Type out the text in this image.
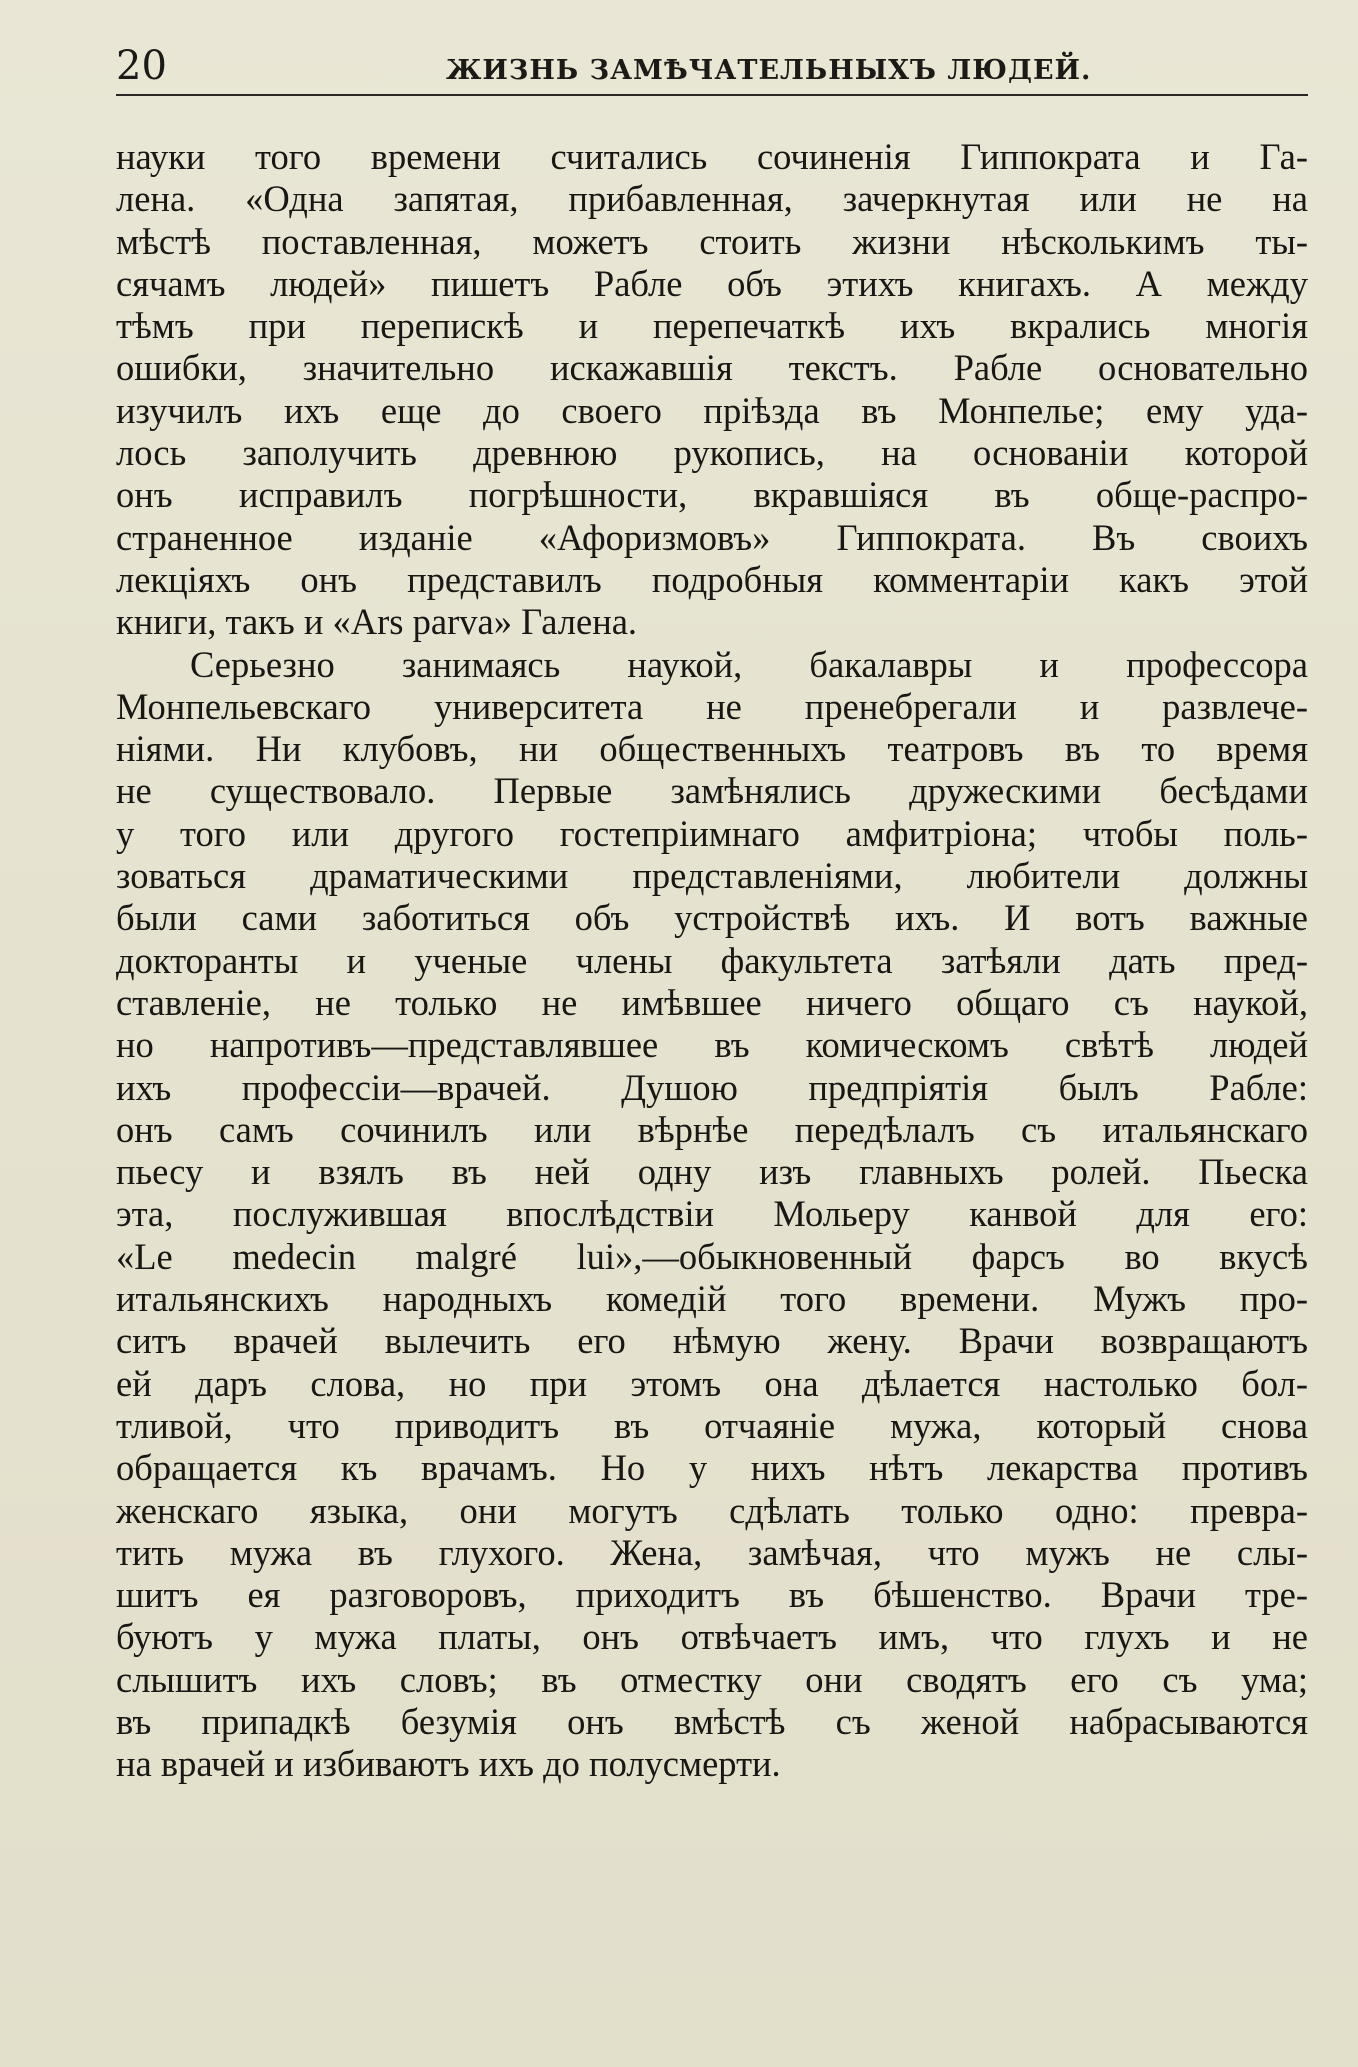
20	ЖИЗНЬ ЗАМѢЧАТЕЛЬНЫХЪ ЛЮДЕЙ.
науки того времени считались сочиненія Гиппократа и Га-
лена. «Одна запятая, прибавленная, зачеркнутая или не на
мѣстѣ поставленная, можетъ стоить жизни нѣсколькимъ ты-
сячамъ людей» пишетъ Рабле объ этихъ книгахъ. А между
тѣмъ при перепискѣ и перепечаткѣ ихъ вкрались многія
ошибки, значительно искажавшія текстъ. Рабле основательно
изучилъ ихъ еще до своего пріѣзда въ Монпелье; ему уда-
лось заполучить древнюю рукопись, на основаніи которой
онъ исправилъ погрѣшности, вкравшіяся въ обще-распро-
страненное изданіе «Афоризмовъ» Гиппократа. Въ своихъ
лекціяхъ онъ представилъ подробныя комментаріи какъ этой
книги, такъ и «Ars parva» Галена.
Серьезно занимаясь наукой, бакалавры и профессора
Монпельевскаго университета не пренебрегали и развлече-
ніями. Ни клубовъ, ни общественныхъ театровъ въ то время
не существовало. Первые замѣнялись дружескими бесѣдами
у того или другого гостепріимнаго амфитріона; чтобы поль-
зоваться драматическими представленіями, любители должны
были сами заботиться объ устройствѣ ихъ. И вотъ важные
докторанты и ученые члены факультета затѣяли дать пред-
ставленіе, не только не имѣвшее ничего общаго съ наукой,
но напротивъ—представлявшее въ комическомъ свѣтѣ людей
ихъ профессіи—врачей. Душою предпріятія былъ Рабле:
онъ самъ сочинилъ или вѣрнѣе передѣлалъ съ итальянскаго
пьесу и взялъ въ ней одну изъ главныхъ ролей. Пьеска
эта, послужившая впослѣдствіи Мольеру канвой для его:
«Le medecin malgré lui»,—обыкновенный фарсъ во вкусѣ
итальянскихъ народныхъ комедій того времени. Мужъ про-
ситъ врачей вылечить его нѣмую жену. Врачи возвращаютъ
ей даръ слова, но при этомъ она дѣлается настолько бол-
тливой, что приводитъ въ отчаяніе мужа, который снова
обращается къ врачамъ. Но у нихъ нѣтъ лекарства противъ
женскаго языка, они могутъ сдѣлать только одно: превра-
тить мужа въ глухого. Жена, замѣчая, что мужъ не слы-
шитъ ея разговоровъ, приходитъ въ бѣшенство. Врачи тре-
буютъ у мужа платы, онъ отвѣчаетъ имъ, что глухъ и не
слышитъ ихъ словъ; въ отместку они сводятъ его съ ума;
въ припадкѣ безумія онъ вмѣстѣ съ женой набрасываются
на врачей и избиваютъ ихъ до полусмерти.
